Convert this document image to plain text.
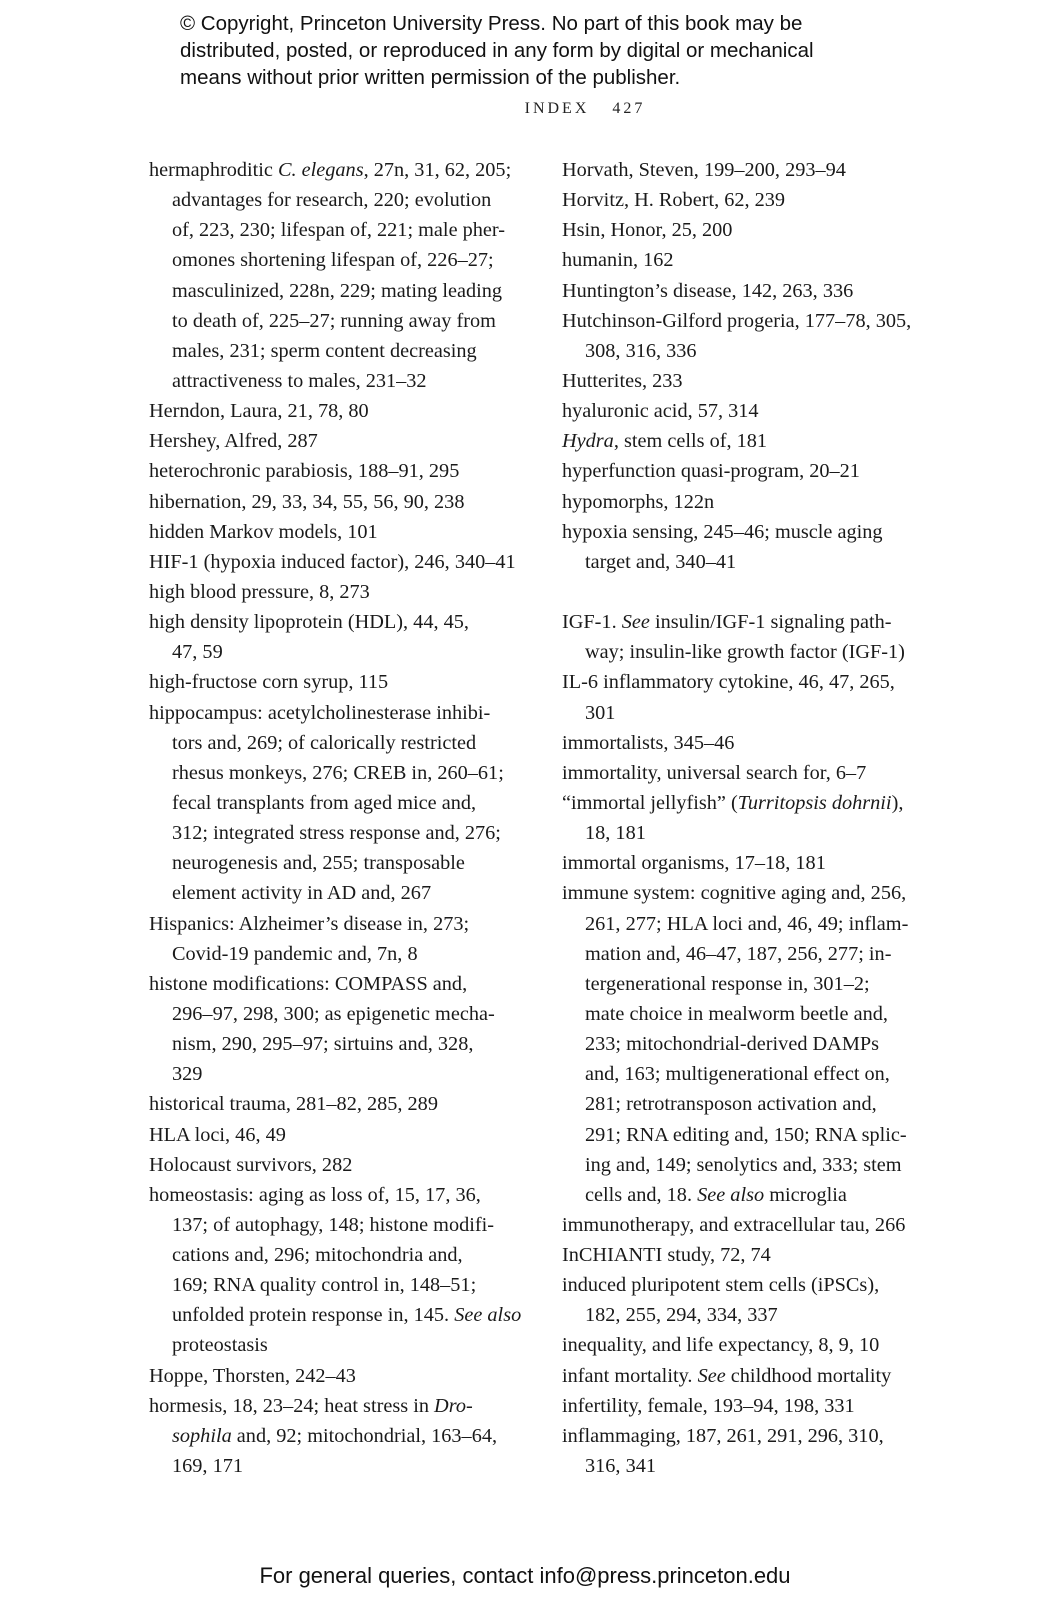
© Copyright, Princeton University Press. No part of this book may be
distributed, posted, or reproduced in any form by digital or mechanical
means without prior written permission of the publisher.
INDEX 427
hermaphroditic C. elegans, 27n, 31, 62, 205;
advantages for research, 220; evolution
of, 223, 230; lifespan of, 221; male pher-
omones shortening lifespan of, 226–27;
masculinized, 228n, 229; mating leading
to death of, 225–27; running away from
males, 231; sperm content decreasing
attractiveness to males, 231–32
Herndon, Laura, 21, 78, 80
Hershey, Alfred, 287
heterochronic parabiosis, 188–91, 295
hibernation, 29, 33, 34, 55, 56, 90, 238
hidden Markov models, 101
HIF-1 (hypoxia induced factor), 246, 340–41
high blood pressure, 8, 273
high density lipoprotein (HDL), 44, 45,
47, 59
high-fructose corn syrup, 115
hippocampus: acetylcholinesterase inhibi-
tors and, 269; of calorically restricted
rhesus monkeys, 276; CREB in, 260–61;
fecal transplants from aged mice and,
312; integrated stress response and, 276;
neurogenesis and, 255; transposable
element activity in AD and, 267
Hispanics: Alzheimer’s disease in, 273;
Covid-19 pandemic and, 7n, 8
histone modifications: COMPASS and,
296–97, 298, 300; as epigenetic mecha-
nism, 290, 295–97; sirtuins and, 328,
329
historical trauma, 281–82, 285, 289
HLA loci, 46, 49
Holocaust survivors, 282
homeostasis: aging as loss of, 15, 17, 36,
137; of autophagy, 148; histone modifi-
cations and, 296; mitochondria and,
169; RNA quality control in, 148–51;
unfolded protein response in, 145. See also
proteostasis
Hoppe, Thorsten, 242–43
hormesis, 18, 23–24; heat stress in Dro-
sophila and, 92; mitochondrial, 163–64,
169, 171
Horvath, Steven, 199–200, 293–94
Horvitz, H. Robert, 62, 239
Hsin, Honor, 25, 200
humanin, 162
Huntington’s disease, 142, 263, 336
Hutchinson-Gilford progeria, 177–78, 305,
308, 316, 336
Hutterites, 233
hyaluronic acid, 57, 314
Hydra, stem cells of, 181
hyperfunction quasi-program, 20–21
hypomorphs, 122n
hypoxia sensing, 245–46; muscle aging
target and, 340–41
IGF-1. See insulin/IGF-1 signaling path-
way; insulin-like growth factor (IGF-1)
IL-6 inflammatory cytokine, 46, 47, 265,
301
immortalists, 345–46
immortality, universal search for, 6–7
“immortal jellyfish” (Turritopsis dohrnii),
18, 181
immortal organisms, 17–18, 181
immune system: cognitive aging and, 256,
261, 277; HLA loci and, 46, 49; inflam-
mation and, 46–47, 187, 256, 277; in-
tergenerational response in, 301–2;
mate choice in mealworm beetle and,
233; mitochondrial-derived DAMPs
and, 163; multigenerational effect on,
281; retrotransposon activation and,
291; RNA editing and, 150; RNA splic-
ing and, 149; senolytics and, 333; stem
cells and, 18. See also microglia
immunotherapy, and extracellular tau, 266
InCHIANTI study, 72, 74
induced pluripotent stem cells (iPSCs),
182, 255, 294, 334, 337
inequality, and life expectancy, 8, 9, 10
infant mortality. See childhood mortality
infertility, female, 193–94, 198, 331
inflammaging, 187, 261, 291, 296, 310,
316, 341
For general queries, contact info@press.princeton.edu
